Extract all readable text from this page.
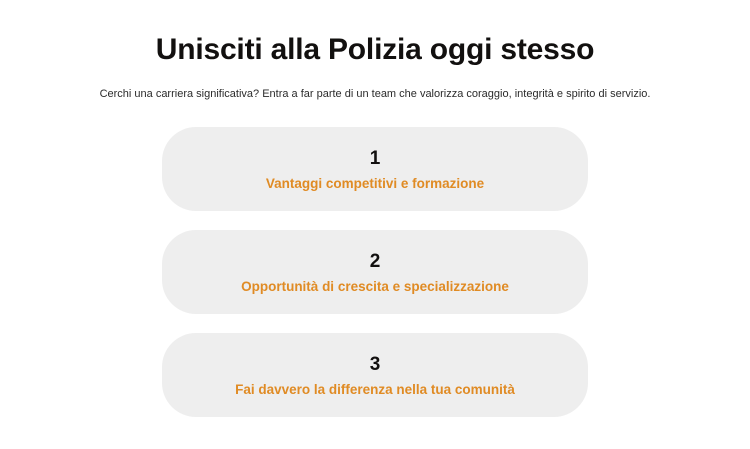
Unisciti alla Polizia oggi stesso

Cerchi una carriera significativa? Entra a far parte di un team che valorizza coraggio, integrità e spirito di servizio.

1
Vantaggi competitivi e formazione
2
Opportunità di crescita e specializzazione
3
Fai davvero la differenza nella tua comunità
